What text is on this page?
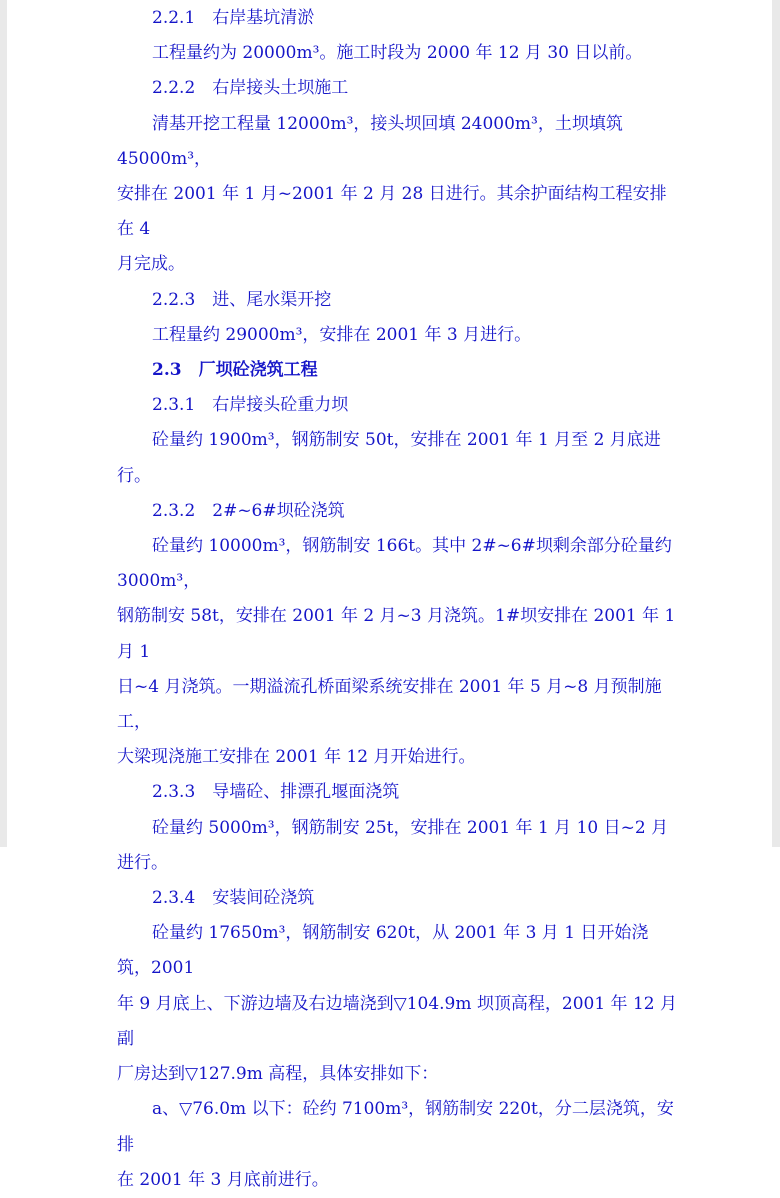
2.2.1　右岸基坑清淤

工程量约为 20000m³。施工时段为 2000 年 12 月 30 日以前。

2.2.2　右岸接头土坝施工

清基开挖工程量 12000m³，接头坝回填 24000m³，土坝填筑 45000m³，

安排在 2001 年 1 月~2001 年 2 月 28 日进行。其余护面结构工程安排在 4

月完成。

2.2.3　进、尾水渠开挖

工程量约 29000m³，安排在 2001 年 3 月进行。

2.3　厂坝砼浇筑工程

2.3.1　右岸接头砼重力坝

砼量约 1900m³，钢筋制安 50t，安排在 2001 年 1 月至 2 月底进行。

2.3.2　2#~6#坝砼浇筑

砼量约 10000m³，钢筋制安 166t。其中 2#~6#坝剩余部分砼量约 3000m³，

钢筋制安 58t，安排在 2001 年 2 月~3 月浇筑。1#坝安排在 2001 年 1 月 1

日~4 月浇筑。一期溢流孔桥面梁系统安排在 2001 年 5 月~8 月预制施工，

大梁现浇施工安排在 2001 年 12 月开始进行。

2.3.3　导墙砼、排漂孔堰面浇筑

砼量约 5000m³，钢筋制安 25t，安排在 2001 年 1 月 10 日~2 月进行。

2.3.4　安装间砼浇筑

砼量约 17650m³，钢筋制安 620t，从 2001 年 3 月 1 日开始浇筑，2001

年 9 月底上、下游边墙及右边墙浇到▽104.9m 坝顶高程，2001 年 12 月副

厂房达到▽127.9m 高程，具体安排如下：

a、▽76.0m 以下：砼约 7100m³，钢筋制安 220t，分二层浇筑，安排

在 2001 年 3 月底前进行。
